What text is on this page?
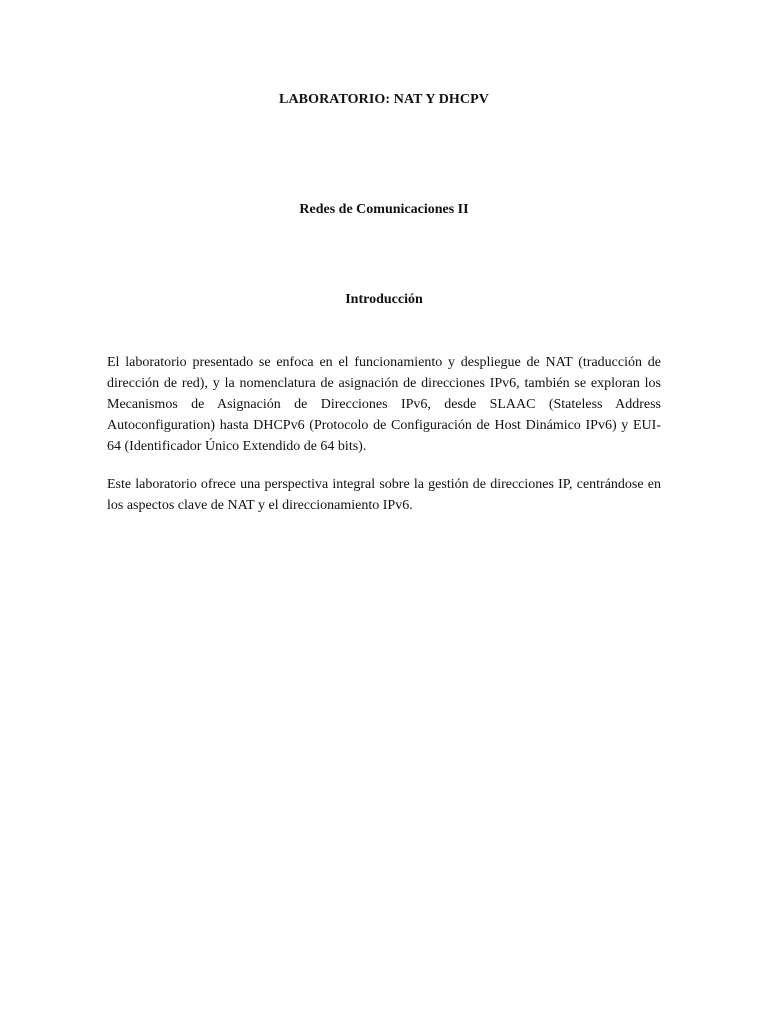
LABORATORIO: NAT Y DHCPV
Redes de Comunicaciones II
Introducción

El laboratorio presentado se enfoca en el funcionamiento y despliegue de NAT (traducción de dirección de red), y la nomenclatura de asignación de direcciones IPv6, también se exploran los Mecanismos de Asignación de Direcciones IPv6, desde SLAAC (Stateless Address Autoconfiguration) hasta DHCPv6 (Protocolo de Configuración de Host Dinámico IPv6) y EUI-64 (Identificador Único Extendido de 64 bits).

Este laboratorio ofrece una perspectiva integral sobre la gestión de direcciones IP, centrándose en los aspectos clave de NAT y el direccionamiento IPv6.
